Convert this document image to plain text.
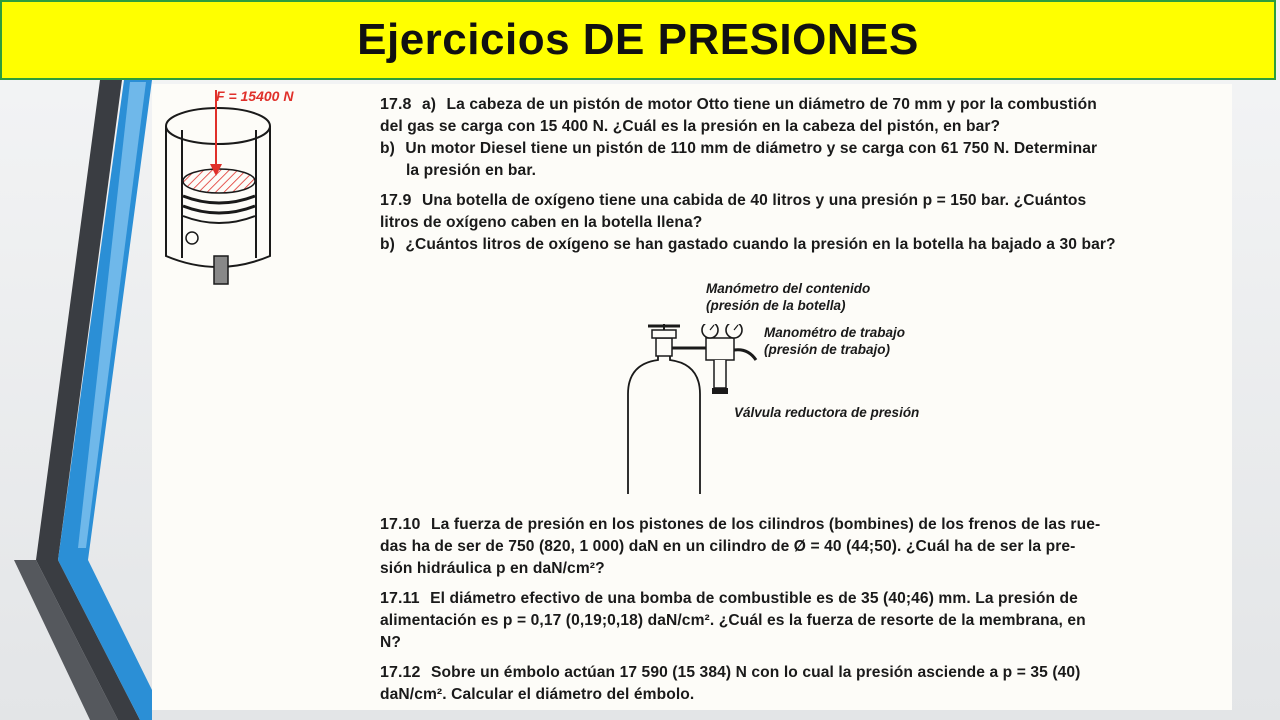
Ejercicios DE PRESIONES
F = 15400 N	17.8 a) La cabeza de un pistón de motor Otto tiene un diámetro de 70 mm y por la combustión
del gas se carga con 15 400 N. ¿Cuál es la presión en la cabeza del pistón, en bar?
b) Un motor Diesel tiene un pistón de 110 mm de diámetro y se carga con 61 750 N. Determinar
la presión en bar.
17.9 Una botella de oxígeno tiene una cabida de 40 litros y una presión p = 150 bar. ¿Cuántos
litros de oxígeno caben en la botella llena?
b) ¿Cuántos litros de oxígeno se han gastado cuando la presión en la botella ha bajado a 30 bar?
Manómetro del contenido
(presión de la botella)
Manométro de trabajo
(presión de trabajo)
Válvula reductora de presión
17.10 La fuerza de presión en los pistones de los cilindros (bombines) de los frenos de las rue-
das ha de ser de 750 (820, 1 000) daN en un cilindro de Ø = 40 (44;50). ¿Cuál ha de ser la pre-
sión hidráulica p en daN/cm²?
17.11 El diámetro efectivo de una bomba de combustible es de 35 (40;46) mm. La presión de
alimentación es p = 0,17 (0,19;0,18) daN/cm². ¿Cuál es la fuerza de resorte de la membrana, en
N?
17.12 Sobre un émbolo actúan 17 590 (15 384) N con lo cual la presión asciende a p = 35 (40)
daN/cm². Calcular el diámetro del émbolo.
